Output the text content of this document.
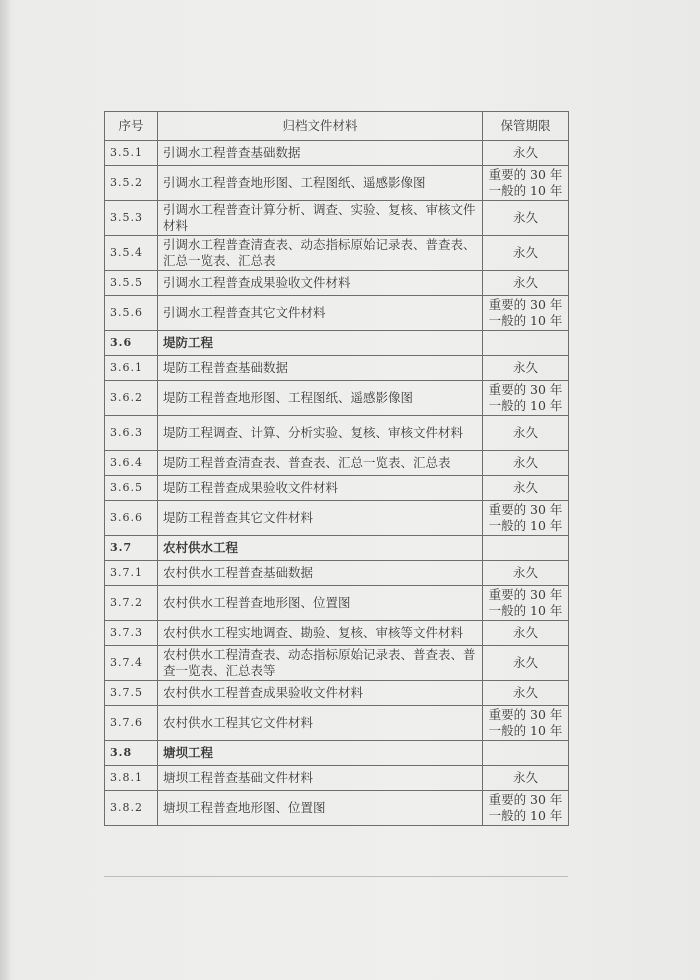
序号	归档文件材料	保管期限
3.5.1	引调水工程普查基础数据	永久
3.5.2	引调水工程普查地形图、工程图纸、遥感影像图	重要的 30 年
一般的 10 年
3.5.3	引调水工程普查计算分析、调查、实验、复核、审核文件材料	永久
3.5.4	引调水工程普查清查表、动态指标原始记录表、普查表、汇总一览表、汇总表	永久
3.5.5	引调水工程普查成果验收文件材料	永久
3.5.6	引调水工程普查其它文件材料	重要的 30 年
一般的 10 年
3.6	堤防工程	
3.6.1	堤防工程普查基础数据	永久
3.6.2	堤防工程普查地形图、工程图纸、遥感影像图	重要的 30 年
一般的 10 年
3.6.3	堤防工程调查、计算、分析实验、复核、审核文件材料	永久
3.6.4	堤防工程普查清查表、普查表、汇总一览表、汇总表	永久
3.6.5	堤防工程普查成果验收文件材料	永久
3.6.6	堤防工程普查其它文件材料	重要的 30 年
一般的 10 年
3.7	农村供水工程	
3.7.1	农村供水工程普查基础数据	永久
3.7.2	农村供水工程普查地形图、位置图	重要的 30 年
一般的 10 年
3.7.3	农村供水工程实地调查、勘验、复核、审核等文件材料	永久
3.7.4	农村供水工程清查表、动态指标原始记录表、普查表、普查一览表、汇总表等	永久
3.7.5	农村供水工程普查成果验收文件材料	永久
3.7.6	农村供水工程其它文件材料	重要的 30 年
一般的 10 年
3.8	塘坝工程	
3.8.1	塘坝工程普查基础文件材料	永久
3.8.2	塘坝工程普查地形图、位置图	重要的 30 年
一般的 10 年
